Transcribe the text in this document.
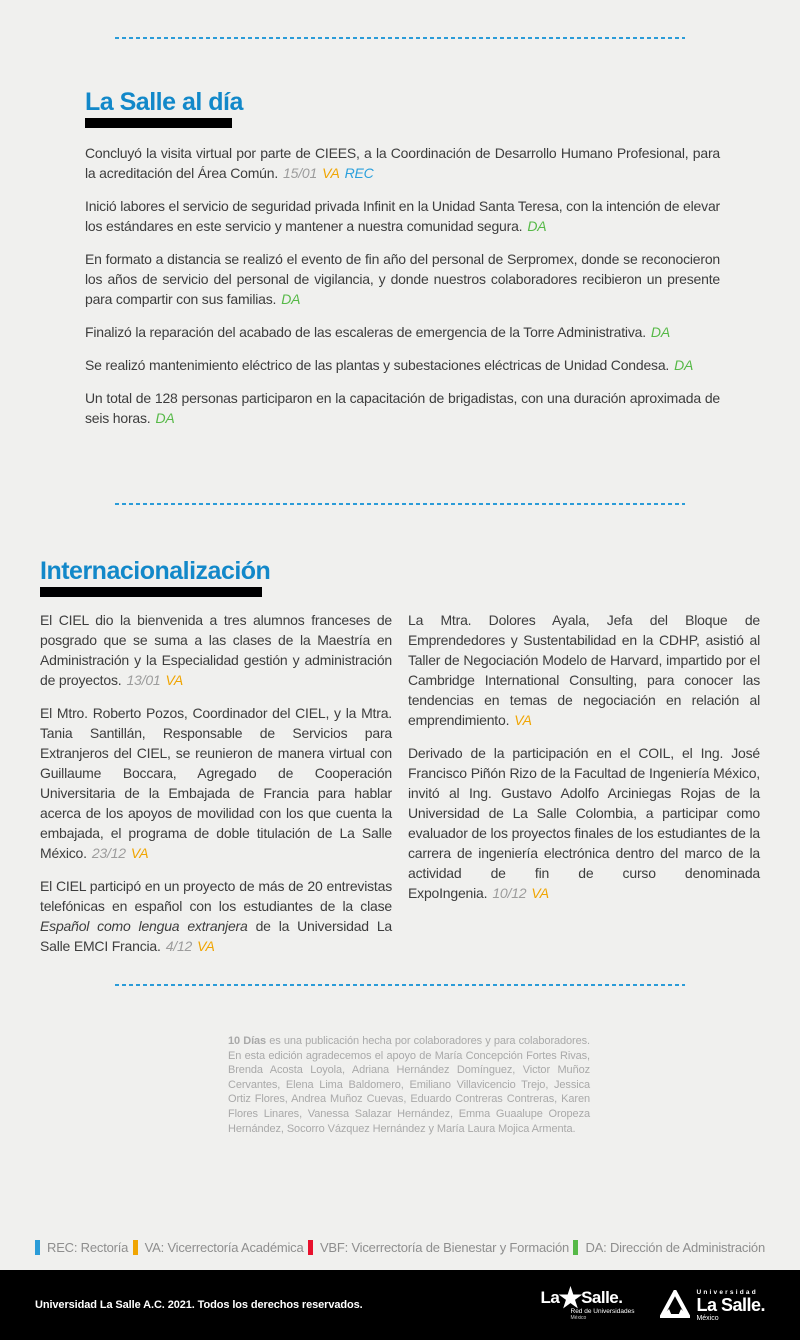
La Salle al día

Concluyó la visita virtual por parte de CIEES, a la Coordinación de Desarrollo Humano Profesional, para la acreditación del Área Común. 15/01 VA REC

Inició labores el servicio de seguridad privada Infinit en la Unidad Santa Teresa, con la intención de elevar los estándares en este servicio y mantener a nuestra comunidad segura. DA

En formato a distancia se realizó el evento de fin año del personal de Serpromex, donde se reconocieron los años de servicio del personal de vigilancia, y donde nuestros colaboradores recibieron un presente para compartir con sus familias. DA

Finalizó la reparación del acabado de las escaleras de emergencia de la Torre Administrativa. DA

Se realizó mantenimiento eléctrico de las plantas y subestaciones eléctricas de Unidad Condesa. DA

Un total de 128 personas participaron en la capacitación de brigadistas, con una duración aproximada de seis horas. DA

Internacionalización

El CIEL dio la bienvenida a tres alumnos franceses de posgrado que se suma a las clases de la Maestría en Administración y la Especialidad gestión y administración de proyectos. 13/01 VA

El Mtro. Roberto Pozos, Coordinador del CIEL, y la Mtra. Tania Santillán, Responsable de Servicios para Extranjeros del CIEL, se reunieron de manera virtual con Guillaume Boccara, Agregado de Cooperación Universitaria de la Embajada de Francia para hablar acerca de los apoyos de movilidad con los que cuenta la embajada, el programa de doble titulación de La Salle México. 23/12 VA

El CIEL participó en un proyecto de más de 20 entrevistas telefónicas en español con los estudiantes de la clase Español como lengua extranjera de la Universidad La Salle EMCI Francia. 4/12 VA

La Mtra. Dolores Ayala, Jefa del Bloque de Emprendedores y Sustentabilidad en la CDHP, asistió al Taller de Negociación Modelo de Harvard, impartido por el Cambridge International Consulting, para conocer las tendencias en temas de negociación en relación al emprendimiento. VA

Derivado de la participación en el COIL, el Ing. José Francisco Piñón Rizo de la Facultad de Ingeniería México, invitó al Ing. Gustavo Adolfo Arciniegas Rojas de la Universidad de La Salle Colombia, a participar como evaluador de los proyectos finales de los estudiantes de la carrera de ingeniería electrónica dentro del marco de la actividad de fin de curso denominada ExpoIngenia. 10/12 VA

10 Días es una publicación hecha por colaboradores y para colaboradores. En esta edición agradecemos el apoyo de María Concepción Fortes Rivas, Brenda Acosta Loyola, Adriana Hernández Domínguez, Victor Muñoz Cervantes, Elena Lima Baldomero, Emiliano Villavicencio Trejo, Jessica Ortiz Flores, Andrea Muñoz Cuevas, Eduardo Contreras Contreras, Karen Flores Linares, Vanessa Salazar Hernández, Emma Guaalupe Oropeza Hernández, Socorro Vázquez Hernández y María Laura Mojica Armenta.

REC: Rectoría VA: Vicerrectoría Académica VBF: Vicerrectoría de Bienestar y Formación DA: Dirección de Administración
Universidad La Salle A.C. 2021. Todos los derechos reservados.	La ★ Salle.
Red de Universidades
México
Universidad
La Salle.
México
